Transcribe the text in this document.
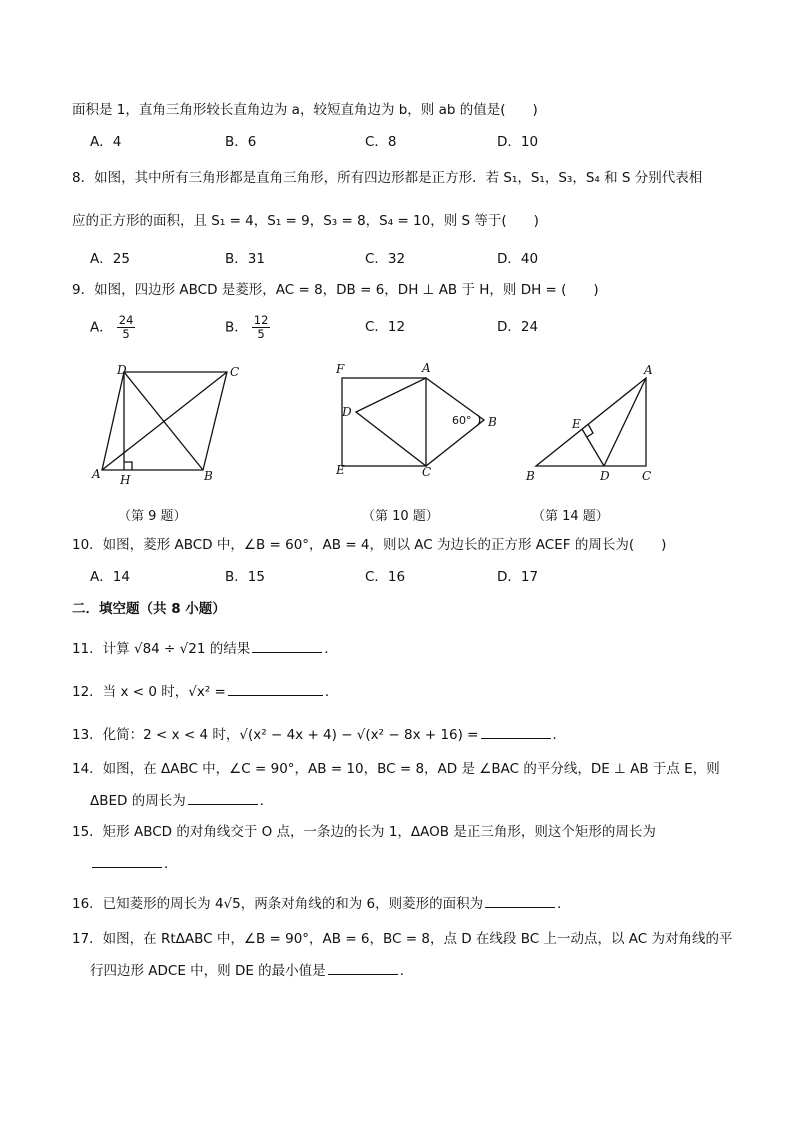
面积是 1，直角三角形较长直角边为 a，较短直角边为 b，则 ab 的值是(　　)
A．4	B．6	C．8	D．10
8．如图，其中所有三角形都是直角三角形，所有四边形都是正方形．若 S₁，S₁，S₃，S₄ 和 S 分别代表相
应的正方形的面积，且 S₁ = 4，S₁ = 9，S₃ = 8，S₄ = 10，则 S 等于(　　)
A．25	B．31	C．32	D．40
9．如图，四边形 ABCD 是菱形，AC = 8，DB = 6，DH ⊥ AB 于 H，则 DH = (　　)
A． $\frac{24}{5}$	B． $\frac{12}{5}$	C．12	D．24
D	C
A	B
H
（第 9 题）
F	A
D
B
E	C
60°
（第 10 题）
A
E
B	D	C
（第 14 题）
10．如图，菱形 ABCD 中，∠B = 60°，AB = 4，则以 AC 为边长的正方形 ACEF 的周长为(　　)
A．14	B．15	C．16	D．17
二．填空题（共 8 小题）
11．计算 √84 ÷ √21 的结果	．
12．当 x < 0 时，√x² =	．
13．化简：2 < x < 4 时，√(x² − 4x + 4) − √(x² − 8x + 16) =	．
14．如图，在 ΔABC 中，∠C = 90°，AB = 10，BC = 8，AD 是 ∠BAC 的平分线，DE ⊥ AB 于点 E，则
ΔBED 的周长为	．
15．矩形 ABCD 的对角线交于 O 点，一条边的长为 1，ΔAOB 是正三角形，则这个矩形的周长为
．
16．已知菱形的周长为 4√5，两条对角线的和为 6，则菱形的面积为	．
17．如图，在 RtΔABC 中，∠B = 90°，AB = 6，BC = 8，点 D 在线段 BC 上一动点，以 AC 为对角线的平
行四边形 ADCE 中，则 DE 的最小值是	．
